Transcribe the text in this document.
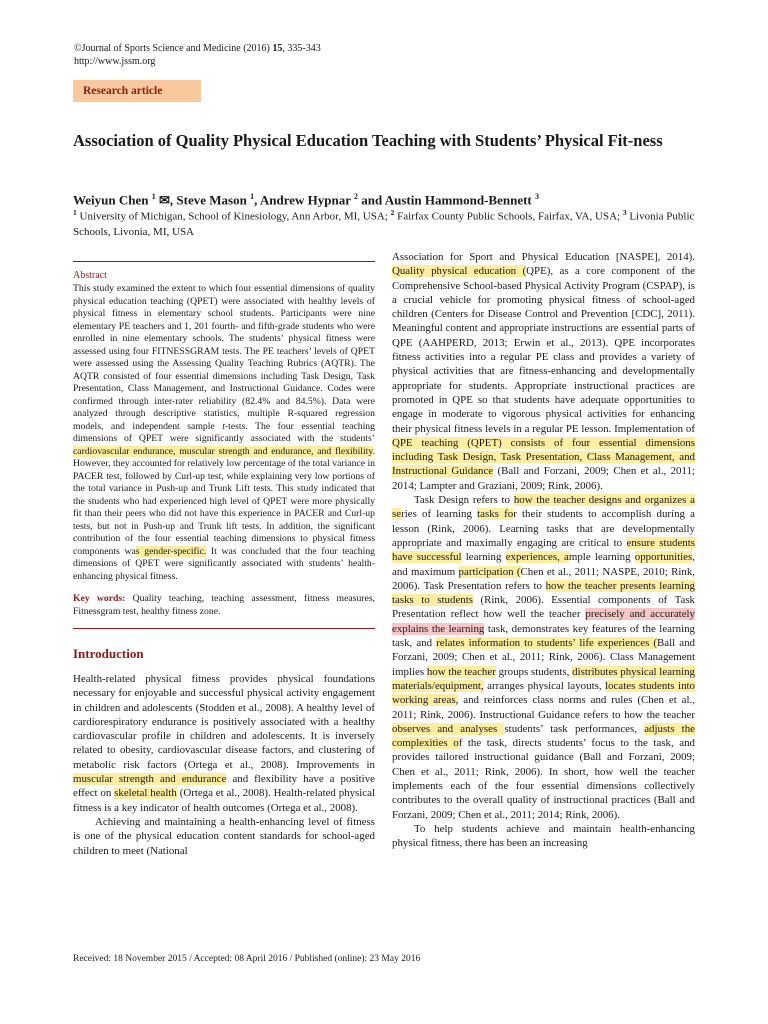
©Journal of Sports Science and Medicine (2016) 15, 335-343
http://www.jssm.org
Research article
Association of Quality Physical Education Teaching with Students’ Physical Fit-ness
Weiyun Chen $^1$ ✉, Steve Mason $^1$, Andrew Hypnar $^2$ and Austin Hammond-Bennett $^3$
$^1$ University of Michigan, School of Kinesiology, Ann Arbor, MI, USA; $^2$ Fairfax County Public Schools, Fairfax, VA, USA; $^3$ Livonia Public Schools, Livonia, MI, USA
Abstract

This study examined the extent to which four essential dimensions of quality physical education teaching (QPET) were associated with healthy levels of physical fitness in elementary school students. Participants were nine elementary PE teachers and 1, 201 fourth- and fifth-grade students who were enrolled in nine elementary schools. The students’ physical fitness were assessed using four FITNESSGRAM tests. The PE teachers’ levels of QPET were assessed using the Assessing Quality Teaching Rubrics (AQTR). The AQTR consisted of four essential dimensions including Task Design, Task Presentation, Class Management, and Instructional Guidance. Codes were confirmed through inter-rater reliability (82.4% and 84.5%). Data were analyzed through descriptive statistics, multiple R-squared regression models, and independent sample t-tests. The four essential teaching dimensions of QPET were significantly associated with the students’ cardiovascular endurance, muscular strength and endurance, and flexibility. However, they accounted for relatively low percentage of the total variance in PACER test, followed by Curl-up test, while explaining very low portions of the total variance in Push-up and Trunk Lift tests. This study indicated that the students who had experienced high level of QPET were more physically fit than their peers who did not have this experience in PACER and Curl-up tests, but not in Push-up and Trunk lift tests. In addition, the significant contribution of the four essential teaching dimensions to physical fitness components was gender-specific. It was concluded that the four teaching dimensions of QPET were significantly associated with students’ health-enhancing physical fitness.

Key words: Quality teaching, teaching assessment, fitness measures, Fitnessgram test, healthy fitness zone.

Introduction

Health-related physical fitness provides physical foundations necessary for enjoyable and successful physical activity engagement in children and adolescents (Stodden et al., 2008). A healthy level of cardiorespiratory endurance is positively associated with a healthy cardiovascular profile in children and adolescents. It is inversely related to obesity, cardiovascular disease factors, and clustering of metabolic risk factors (Ortega et al., 2008). Improvements in muscular strength and endurance and flexibility have a positive effect on skeletal health (Ortega et al., 2008). Health-related physical fitness is a key indicator of health outcomes (Ortega et al., 2008).

Achieving and maintaining a health-enhancing level of fitness is one of the physical education content standards for school-aged children to meet (National

Association for Sport and Physical Education [NASPE], 2014). Quality physical education (QPE), as a core component of the Comprehensive School-based Physical Activity Program (CSPAP), is a crucial vehicle for promoting physical fitness of school-aged children (Centers for Disease Control and Prevention [CDC], 2011). Meaningful content and appropriate instructions are essential parts of QPE (AAHPERD, 2013; Erwin et al., 2013). QPE incorporates fitness activities into a regular PE class and provides a variety of physical activities that are fitness-enhancing and developmentally appropriate for students. Appropriate instructional practices are promoted in QPE so that students have adequate opportunities to engage in moderate to vigorous physical activities for enhancing their physical fitness levels in a regular PE lesson. Implementation of QPE teaching (QPET) consists of four essential dimensions including Task Design, Task Presentation, Class Management, and Instructional Guidance (Ball and Forzani, 2009; Chen et al., 2011; 2014; Lampter and Graziani, 2009; Rink, 2006).

Task Design refers to how the teacher designs and organizes a series of learning tasks for their students to accomplish during a lesson (Rink, 2006). Learning tasks that are developmentally appropriate and maximally engaging are critical to ensure students have successful learning experiences, ample learning opportunities, and maximum participation (Chen et al., 2011; NASPE, 2010; Rink, 2006). Task Presentation refers to how the teacher presents learning tasks to students (Rink, 2006). Essential components of Task Presentation reflect how well the teacher precisely and accurately explains the learning task, demonstrates key features of the learning task, and relates information to students’ life experiences (Ball and Forzani, 2009; Chen et al., 2011; Rink, 2006). Class Management implies how the teacher groups students, distributes physical learning materials/equipment, arranges physical layouts, locates students into working areas, and reinforces class norms and rules (Chen et al., 2011; Rink, 2006). Instructional Guidance refers to how the teacher observes and analyses students’ task performances, adjusts the complexities of the task, directs students’ focus to the task, and provides tailored instructional guidance (Ball and Forzani, 2009; Chen et al., 2011; Rink, 2006). In short, how well the teacher implements each of the four essential dimensions collectively contributes to the overall quality of instructional practices (Ball and Forzani, 2009; Chen et al., 2011; 2014; Rink, 2006).

To help students achieve and maintain health-enhancing physical fitness, there has been an increasing

Received: 18 November 2015 / Accepted: 08 April 2016 / Published (online): 23 May 2016
